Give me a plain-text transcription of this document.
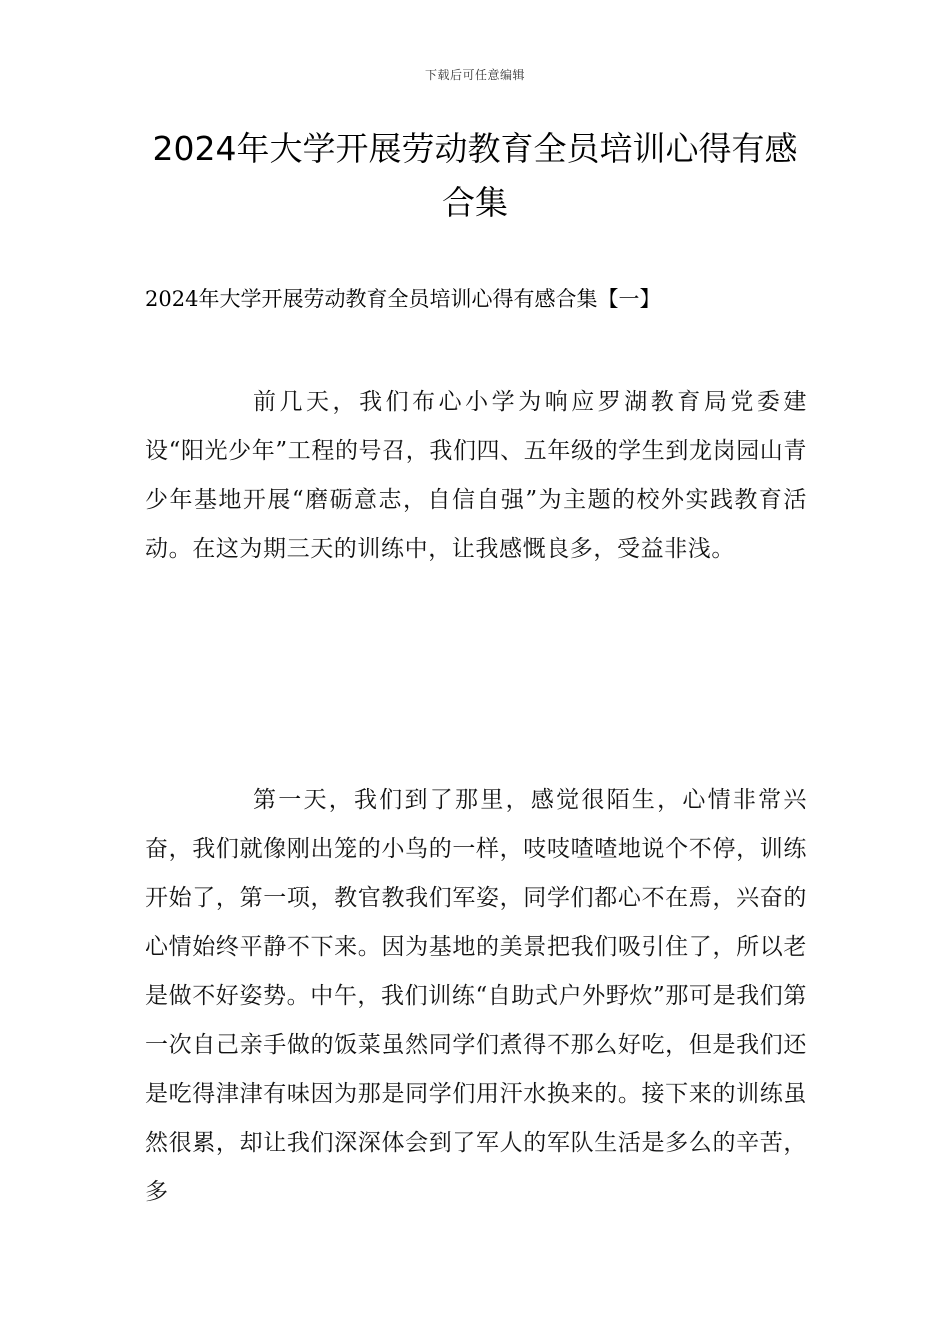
下载后可任意编辑
2024年大学开展劳动教育全员培训心得有感合集

2024年大学开展劳动教育全员培训心得有感合集【一】

前几天，我们布心小学为响应罗湖教育局党委建设“阳光少年”工程的号召，我们四、五年级的学生到龙岗园山青少年基地开展“磨砺意志，自信自强”为主题的校外实践教育活动。在这为期三天的训练中，让我感慨良多，受益非浅。

第一天，我们到了那里，感觉很陌生，心情非常兴奋，我们就像刚出笼的小鸟的一样，吱吱喳喳地说个不停，训练开始了，第一项，教官教我们军姿，同学们都心不在焉，兴奋的心情始终平静不下来。因为基地的美景把我们吸引住了，所以老是做不好姿势。中午，我们训练“自助式户外野炊”那可是我们第一次自己亲手做的饭菜虽然同学们煮得不那么好吃，但是我们还是吃得津津有味因为那是同学们用汗水换来的。接下来的训练虽然很累，却让我们深深体会到了军人的军队生活是多么的辛苦，多
